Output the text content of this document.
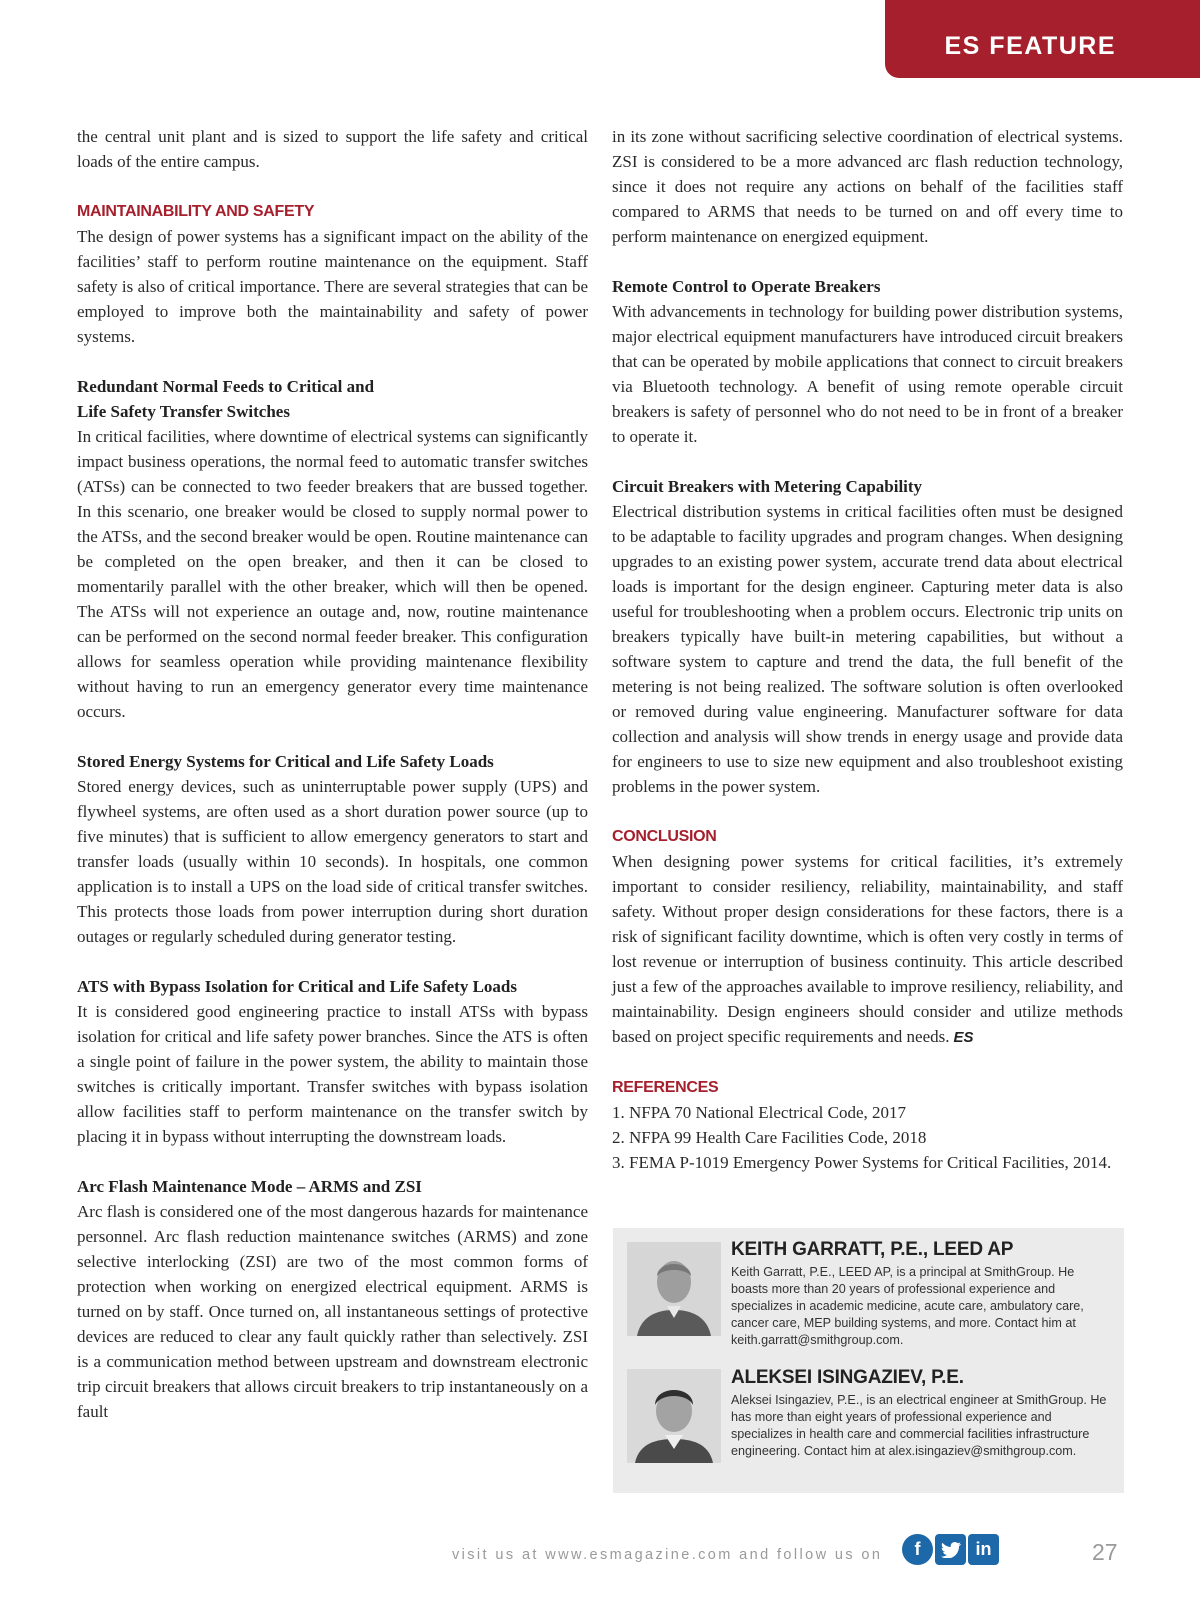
ES FEATURE

the central unit plant and is sized to support the life safety and critical loads of the entire campus.

MAINTAINABILITY AND SAFETY

The design of power systems has a significant impact on the ability of the facilities’ staff to perform routine maintenance on the equipment. Staff safety is also of critical importance. There are several strategies that can be employed to improve both the maintainability and safety of power systems.

Redundant Normal Feeds to Critical and
Life Safety Transfer Switches

In critical facilities, where downtime of electrical systems can significantly impact business operations, the normal feed to automatic transfer switches (ATSs) can be connected to two feeder breakers that are bussed together. In this scenario, one breaker would be closed to supply normal power to the ATSs, and the second breaker would be open. Routine maintenance can be completed on the open breaker, and then it can be closed to momentarily parallel with the other breaker, which will then be opened. The ATSs will not experience an outage and, now, routine maintenance can be performed on the second normal feeder breaker. This configuration allows for seamless operation while providing maintenance flexibility without having to run an emergency generator every time maintenance occurs.

Stored Energy Systems for Critical and Life Safety Loads

Stored energy devices, such as uninterruptable power supply (UPS) and flywheel systems, are often used as a short duration power source (up to five minutes) that is sufficient to allow emergency generators to start and transfer loads (usually within 10 seconds). In hospitals, one common application is to install a UPS on the load side of critical transfer switches. This protects those loads from power interruption during short duration outages or regularly scheduled during generator testing.

ATS with Bypass Isolation for Critical and Life Safety Loads

It is considered good engineering practice to install ATSs with bypass isolation for critical and life safety power branches. Since the ATS is often a single point of failure in the power system, the ability to maintain those switches is critically important. Transfer switches with bypass isolation allow facilities staff to perform maintenance on the transfer switch by placing it in bypass without interrupting the downstream loads.

Arc Flash Maintenance Mode – ARMS and ZSI

Arc flash is considered one of the most dangerous hazards for maintenance personnel. Arc flash reduction maintenance switches (ARMS) and zone selective interlocking (ZSI) are two of the most common forms of protection when working on energized electrical equipment. ARMS is turned on by staff. Once turned on, all instantaneous settings of protective devices are reduced to clear any fault quickly rather than selectively. ZSI is a communication method between upstream and downstream electronic trip circuit breakers that allows circuit breakers to trip instantaneously on a fault

in its zone without sacrificing selective coordination of electrical systems. ZSI is considered to be a more advanced arc flash reduction technology, since it does not require any actions on behalf of the facilities staff compared to ARMS that needs to be turned on and off every time to perform maintenance on energized equipment.

Remote Control to Operate Breakers

With advancements in technology for building power distribution systems, major electrical equipment manufacturers have introduced circuit breakers that can be operated by mobile applications that connect to circuit breakers via Bluetooth technology. A benefit of using remote operable circuit breakers is safety of personnel who do not need to be in front of a breaker to operate it.

Circuit Breakers with Metering Capability

Electrical distribution systems in critical facilities often must be designed to be adaptable to facility upgrades and program changes. When designing upgrades to an existing power system, accurate trend data about electrical loads is important for the design engineer. Capturing meter data is also useful for troubleshooting when a problem occurs. Electronic trip units on breakers typically have built-in metering capabilities, but without a software system to capture and trend the data, the full benefit of the metering is not being realized. The software solution is often overlooked or removed during value engineering. Manufacturer software for data collection and analysis will show trends in energy usage and provide data for engineers to use to size new equipment and also troubleshoot existing problems in the power system.

CONCLUSION

When designing power systems for critical facilities, it’s extremely important to consider resiliency, reliability, maintainability, and staff safety. Without proper design considerations for these factors, there is a risk of significant facility downtime, which is often very costly in terms of lost revenue or interruption of business continuity. This article described just a few of the approaches available to improve resiliency, reliability, and maintainability. Design engineers should consider and utilize methods based on project specific requirements and needs. ES

REFERENCES

1. NFPA 70 National Electrical Code, 2017

2. NFPA 99 Health Care Facilities Code, 2018

3. FEMA P-1019 Emergency Power Systems for Critical Facilities, 2014.

KEITH GARRATT, P.E., LEED AP
Keith Garratt, P.E., LEED AP, is a principal at SmithGroup. He boasts more than 20 years of professional experience and specializes in academic medicine, acute care, ambulatory care, cancer care, MEP building systems, and more. Contact him at keith.garratt@smithgroup.com.
ALEKSEI ISINGAZIEV, P.E.
Aleksei Isingaziev, P.E., is an electrical engineer at SmithGroup. He has more than eight years of professional experience and specializes in health care and commercial facilities infrastructure engineering. Contact him at alex.isingaziev@smithgroup.com.
visit us at www.esmagazine.com and follow us on	f	in	27
